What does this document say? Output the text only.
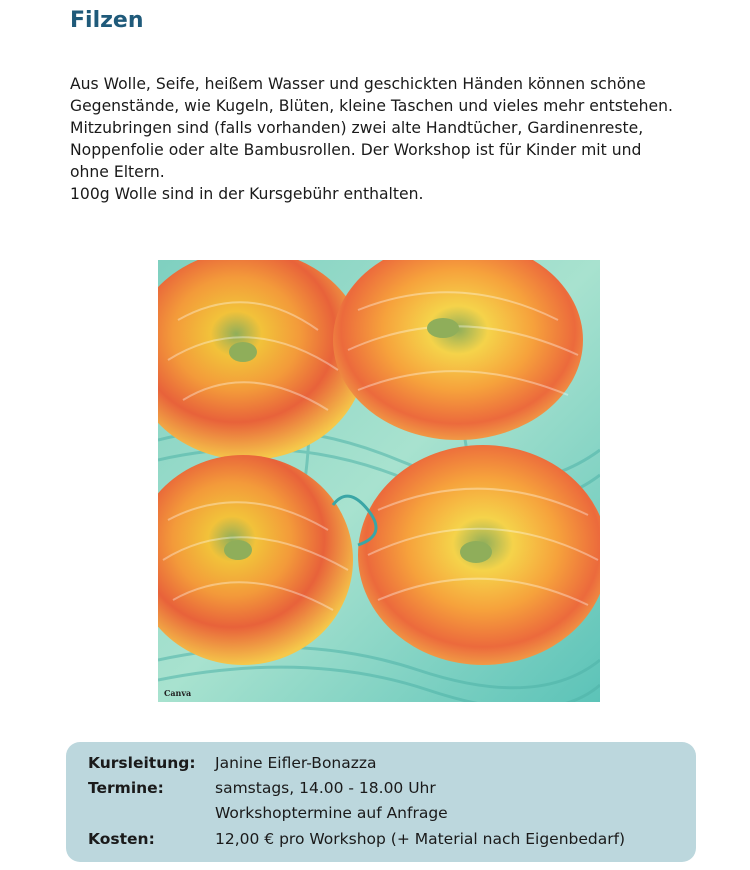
Filzen
Aus Wolle, Seife, heißem Wasser und geschickten Händen können schöne
Gegenstände, wie Kugeln, Blüten, kleine Taschen und vieles mehr entstehen.
Mitzubringen sind (falls vorhanden) zwei alte Handtücher, Gardinenreste,
Noppenfolie oder alte Bambusrollen. Der Workshop ist für Kinder mit und
ohne Eltern.
100g Wolle sind in der Kursgebühr enthalten.
Canva
Kursleitung: Janine Eifler-Bonazza
Termine:	samstags, 14.00 - 18.00 Uhr
Workshoptermine auf Anfrage
Kosten:	12,00 € pro Workshop (+ Material nach Eigenbedarf)
